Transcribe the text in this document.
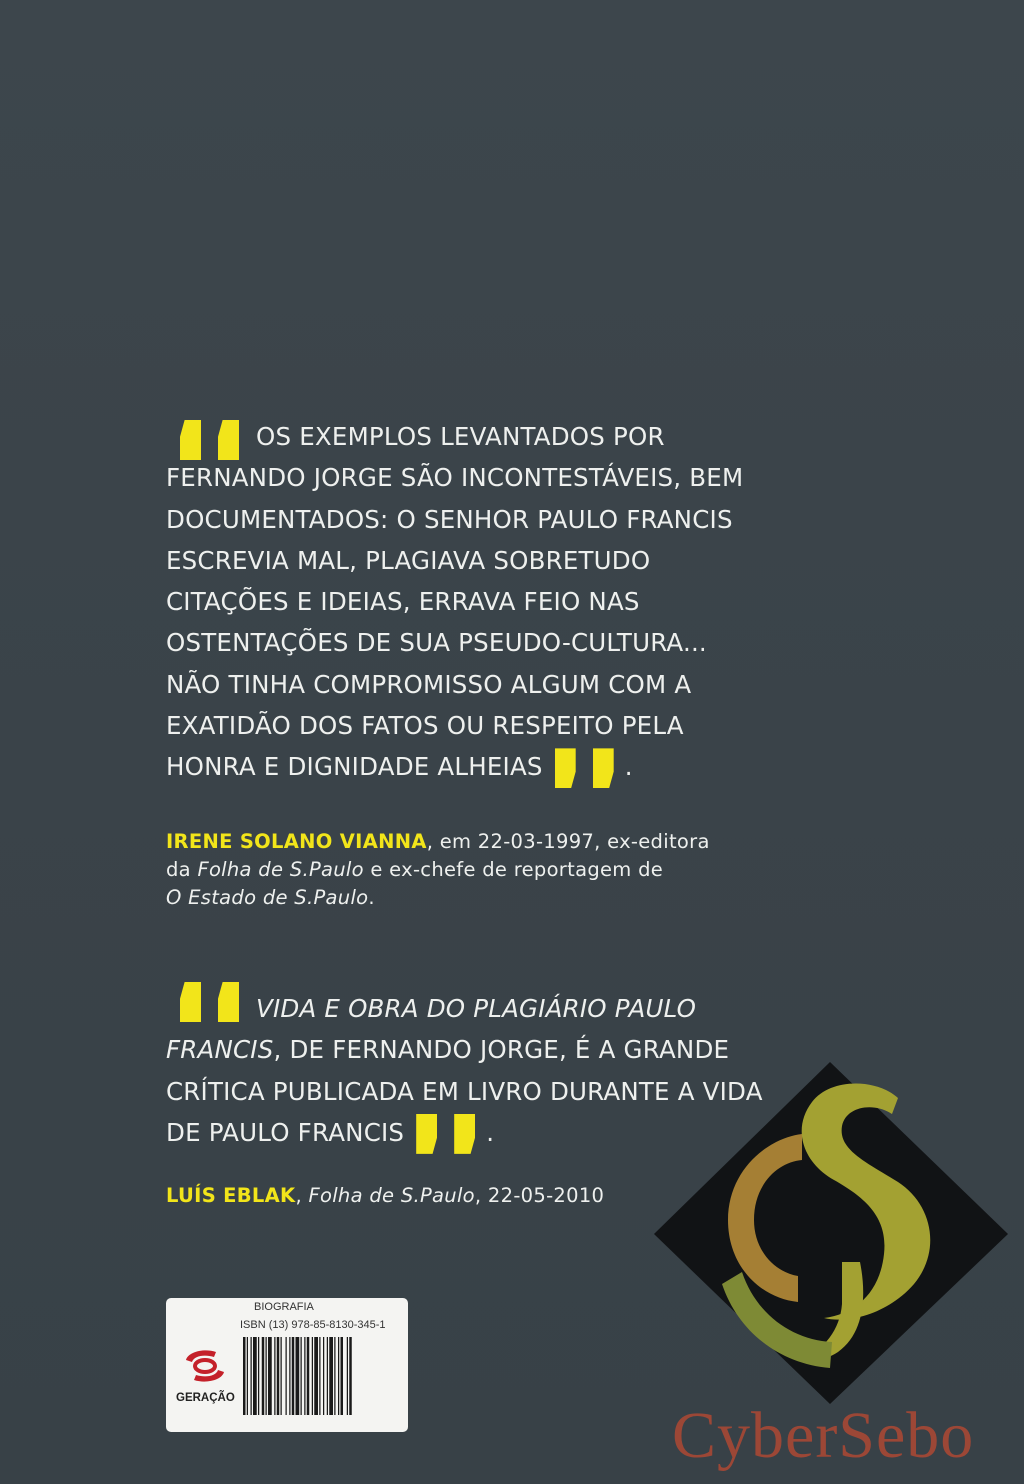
OS EXEMPLOS LEVANTADOS POR
FERNANDO JORGE SÃO INCONTESTÁVEIS, BEM
DOCUMENTADOS: O SENHOR PAULO FRANCIS
ESCREVIA MAL, PLAGIAVA SOBRETUDO
CITAÇÕES E IDEIAS, ERRAVA FEIO NAS
OSTENTAÇÕES DE SUA PSEUDO-CULTURA...
NÃO TINHA COMPROMISSO ALGUM COM A
EXATIDÃO DOS FATOS OU RESPEITO PELA
HONRA E DIGNIDADE ALHEIAS	.
IRENE SOLANO VIANNA, em 22-03-1997, ex-editora
da Folha de S.Paulo e ex-chefe de reportagem de
O Estado de S.Paulo.
VIDA E OBRA DO PLAGIÁRIO PAULO
FRANCIS, DE FERNANDO JORGE, É A GRANDE
CRÍTICA PUBLICADA EM LIVRO DURANTE A VIDA
DE PAULO FRANCIS	.
LUÍS EBLAK, Folha de S.Paulo, 22-05-2010
CyberSebo
BIOGRAFIA
ISBN (13) 978-85-8130-345-1
GERAÇÃO
